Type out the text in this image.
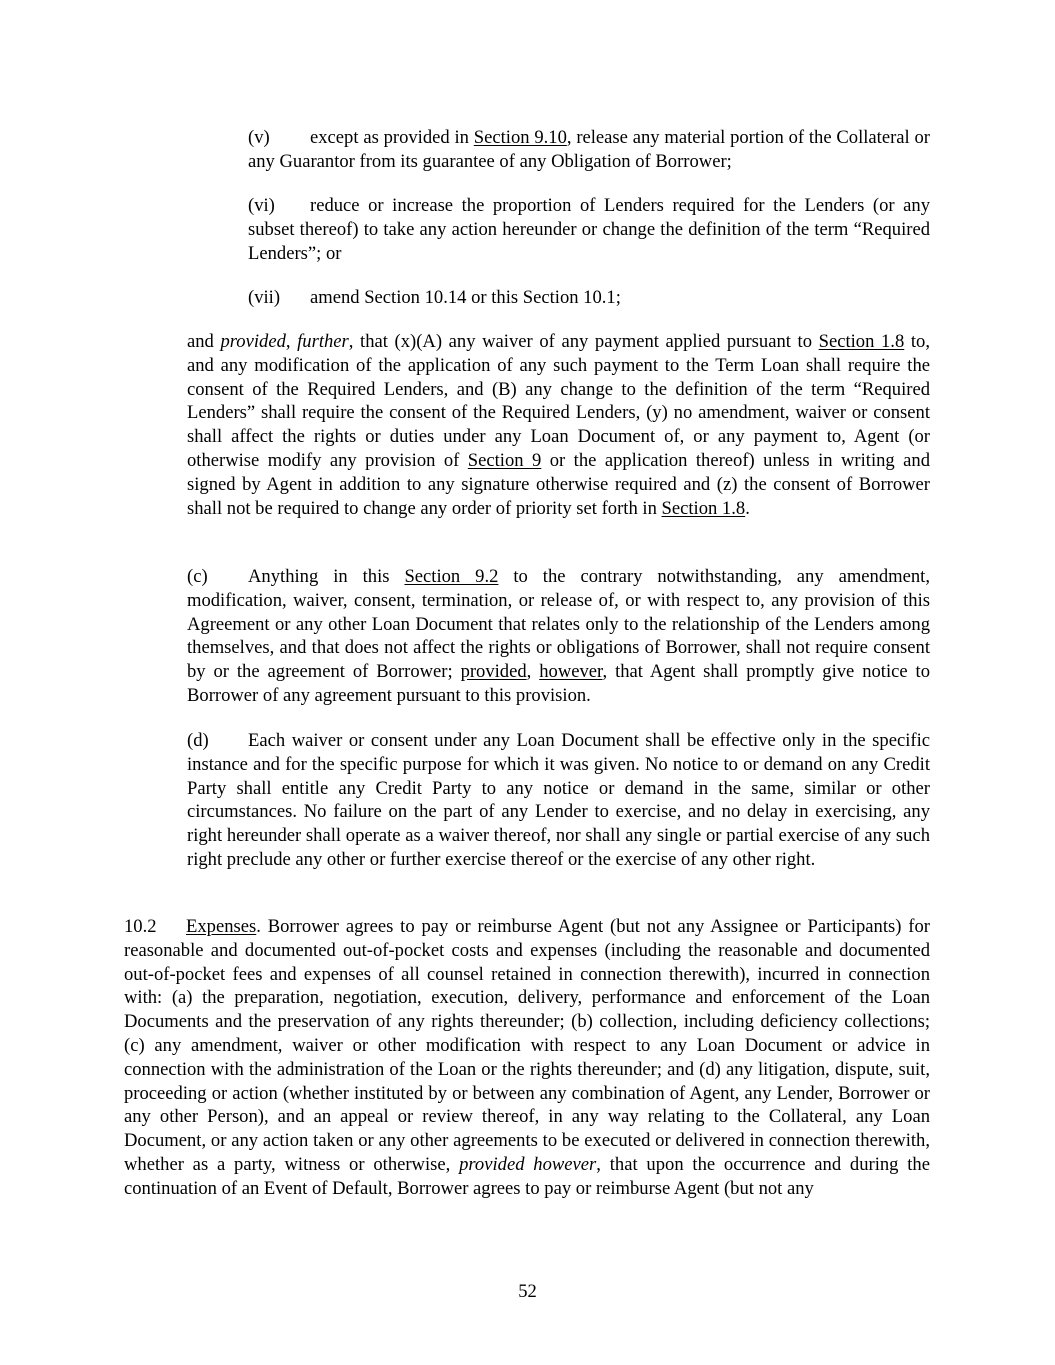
(v) except as provided in Section 9.10, release any material portion of the Collateral or any Guarantor from its guarantee of any Obligation of Borrower;

(vi) reduce or increase the proportion of Lenders required for the Lenders (or any subset thereof) to take any action hereunder or change the definition of the term “Required Lenders”; or

(vii) amend Section 10.14 or this Section 10.1;

and provided, further, that (x)(A) any waiver of any payment applied pursuant to Section 1.8 to, and any modification of the application of any such payment to the Term Loan shall require the consent of the Required Lenders, and (B) any change to the definition of the term “Required Lenders” shall require the consent of the Required Lenders, (y) no amendment, waiver or consent shall affect the rights or duties under any Loan Document of, or any payment to, Agent (or otherwise modify any provision of Section 9 or the application thereof) unless in writing and signed by Agent in addition to any signature otherwise required and (z) the consent of Borrower shall not be required to change any order of priority set forth in Section 1.8.

(c) Anything in this Section 9.2 to the contrary notwithstanding, any amendment, modification, waiver, consent, termination, or release of, or with respect to, any provision of this Agreement or any other Loan Document that relates only to the relationship of the Lenders among themselves, and that does not affect the rights or obligations of Borrower, shall not require consent by or the agreement of Borrower; provided, however, that Agent shall promptly give notice to Borrower of any agreement pursuant to this provision.

(d) Each waiver or consent under any Loan Document shall be effective only in the specific instance and for the specific purpose for which it was given. No notice to or demand on any Credit Party shall entitle any Credit Party to any notice or demand in the same, similar or other circumstances. No failure on the part of any Lender to exercise, and no delay in exercising, any right hereunder shall operate as a waiver thereof, nor shall any single or partial exercise of any such right preclude any other or further exercise thereof or the exercise of any other right.

10.2 Expenses. Borrower agrees to pay or reimburse Agent (but not any Assignee or Participants) for reasonable and documented out-of-pocket costs and expenses (including the reasonable and documented out-of-pocket fees and expenses of all counsel retained in connection therewith), incurred in connection with: (a) the preparation, negotiation, execution, delivery, performance and enforcement of the Loan Documents and the preservation of any rights thereunder; (b) collection, including deficiency collections; (c) any amendment, waiver or other modification with respect to any Loan Document or advice in connection with the administration of the Loan or the rights thereunder; and (d) any litigation, dispute, suit, proceeding or action (whether instituted by or between any combination of Agent, any Lender, Borrower or any other Person), and an appeal or review thereof, in any way relating to the Collateral, any Loan Document, or any action taken or any other agreements to be executed or delivered in connection therewith, whether as a party, witness or otherwise, provided however, that upon the occurrence and during the continuation of an Event of Default, Borrower agrees to pay or reimburse Agent (but not any

52
